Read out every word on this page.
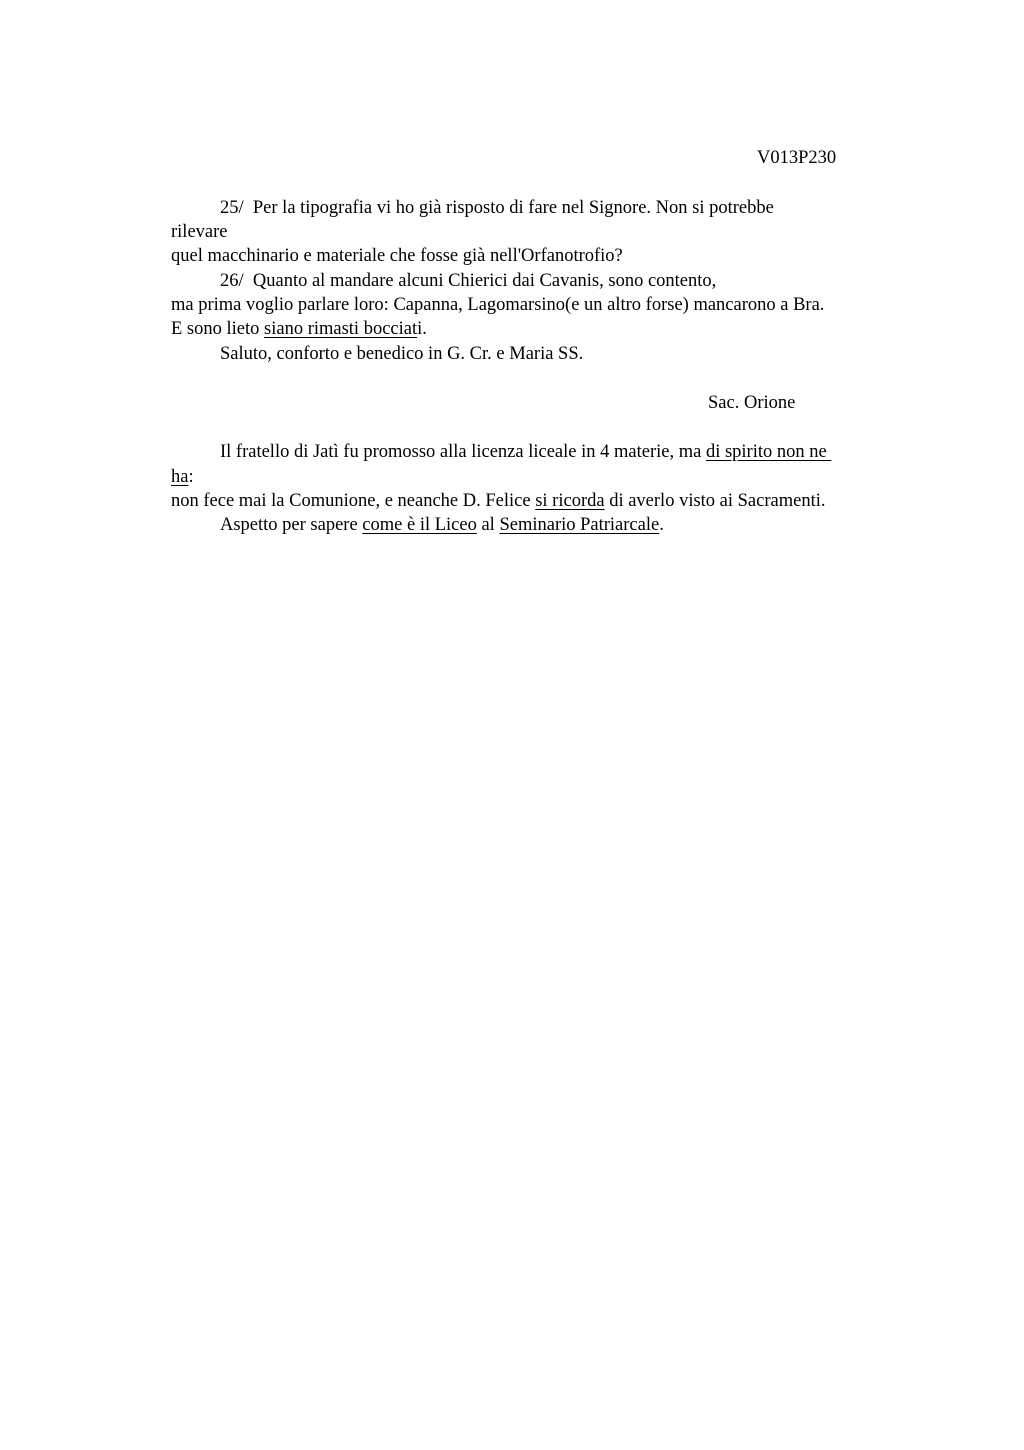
V013P230
25/  Per la tipografia vi ho già risposto di fare nel Signore. Non si potrebbe
rilevare
quel macchinario e materiale che fosse già nell'Orfanotrofio?
26/  Quanto al mandare alcuni Chierici dai Cavanis, sono contento,
ma prima voglio parlare loro: Capanna, Lagomarsino(e un altro forse) mancarono a Bra.
E sono lieto siano rimasti bocciati.
Saluto, conforto e benedico in G. Cr. e Maria SS.
Sac. Orione
Il fratello di Jatì fu promosso alla licenza liceale in 4 materie, ma di spirito non ne
ha:
non fece mai la Comunione, e neanche D. Felice si ricorda di averlo visto ai Sacramenti.
Aspetto per sapere come è il Liceo al Seminario Patriarcale.
